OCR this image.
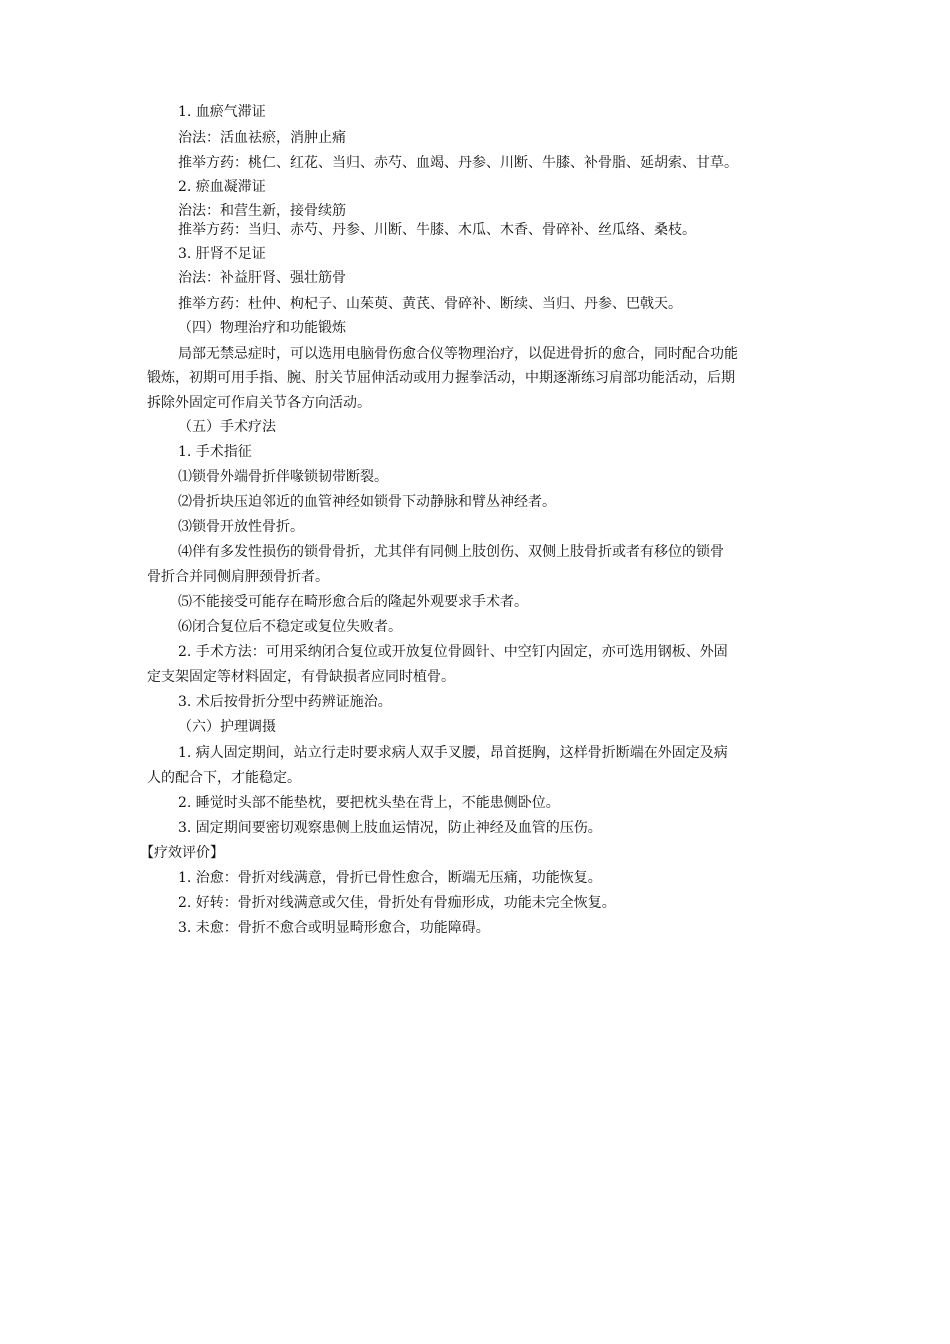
1. 血瘀气滞证
治法：活血祛瘀，消肿止痛
推举方药：桃仁、红花、当归、赤芍、血竭、丹参、川断、牛膝、补骨脂、延胡索、甘草。
2. 瘀血凝滞证
治法：和营生新，接骨续筋
推举方药：当归、赤芍、丹参、川断、牛膝、木瓜、木香、骨碎补、丝瓜络、桑枝。
3. 肝肾不足证
治法：补益肝肾、强壮筋骨
推举方药：杜仲、枸杞子、山茱萸、黄芪、骨碎补、断续、当归、丹参、巴戟天。
（四）物理治疗和功能锻炼
局部无禁忌症时，可以选用电脑骨伤愈合仪等物理治疗，以促进骨折的愈合，同时配合功能
锻炼，初期可用手指、腕、肘关节屈伸活动或用力握拳活动，中期逐渐练习肩部功能活动，后期
拆除外固定可作肩关节各方向活动。
（五）手术疗法
1. 手术指征
⑴锁骨外端骨折伴喙锁韧带断裂。
⑵骨折块压迫邻近的血管神经如锁骨下动静脉和臂丛神经者。
⑶锁骨开放性骨折。
⑷伴有多发性损伤的锁骨骨折，尤其伴有同侧上肢创伤、双侧上肢骨折或者有移位的锁骨
骨折合并同侧肩胛颈骨折者。
⑸不能接受可能存在畸形愈合后的隆起外观要求手术者。
⑹闭合复位后不稳定或复位失败者。
2. 手术方法：可用采纳闭合复位或开放复位骨圆针、中空钉内固定，亦可选用钢板、外固
定支架固定等材料固定，有骨缺损者应同时植骨。
3. 术后按骨折分型中药辨证施治。
（六）护理调摄
1. 病人固定期间，站立行走时要求病人双手叉腰，昂首挺胸，这样骨折断端在外固定及病
人的配合下，才能稳定。
2. 睡觉时头部不能垫枕，要把枕头垫在背上，不能患侧卧位。
3. 固定期间要密切观察患侧上肢血运情况，防止神经及血管的压伤。
【疗效评价】
1. 治愈：骨折对线满意，骨折已骨性愈合，断端无压痛，功能恢复。
2. 好转：骨折对线满意或欠佳，骨折处有骨痂形成，功能未完全恢复。
3. 未愈：骨折不愈合或明显畸形愈合，功能障碍。
